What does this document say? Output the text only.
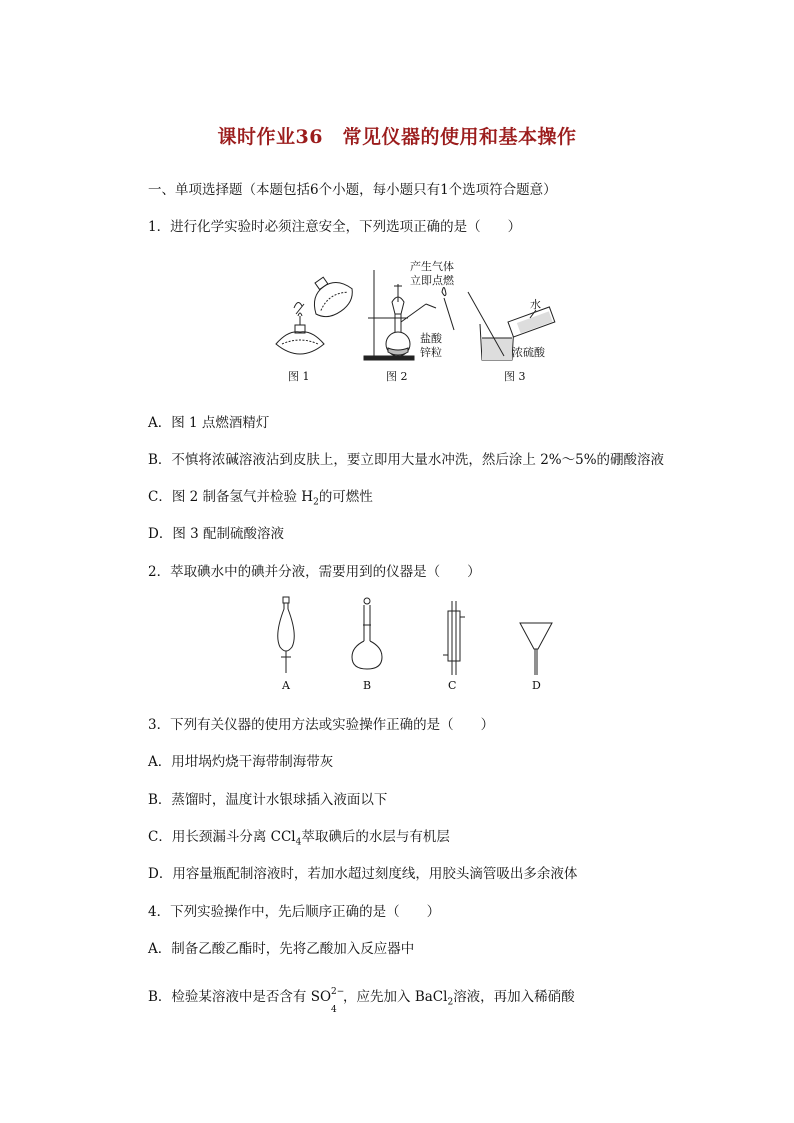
课时作业36　常见仪器的使用和基本操作
一、单项选择题（本题包括6个小题，每小题只有1个选项符合题意）
1．进行化学实验时必须注意安全，下列选项正确的是（　　）
图 1
产生气体
立即点燃
盐酸
锌粒
图 2
水
浓硫酸
图 3
A．图 1 点燃酒精灯
B．不慎将浓碱溶液沾到皮肤上，要立即用大量水冲洗，然后涂上 2%～5%的硼酸溶液
C．图 2 制备氢气并检验 $H_2$的可燃性
D．图 3 配制硫酸溶液
2．萃取碘水中的碘并分液，需要用到的仪器是（　　）
A	B	C	D
3．下列有关仪器的使用方法或实验操作正确的是（　　）
A．用坩埚灼烧干海带制海带灰
B．蒸馏时，温度计水银球插入液面以下
C．用长颈漏斗分离 CCl$_4$萃取碘后的水层与有机层
D．用容量瓶配制溶液时，若加水超过刻度线，用胶头滴管吸出多余液体
4．下列实验操作中，先后顺序正确的是（　　）
A．制备乙酸乙酯时，先将乙酸加入反应器中
B．检验某溶液中是否含有 SO 2−
4
，应先加入 BaCl$_2$溶液，再加入稀硝酸
